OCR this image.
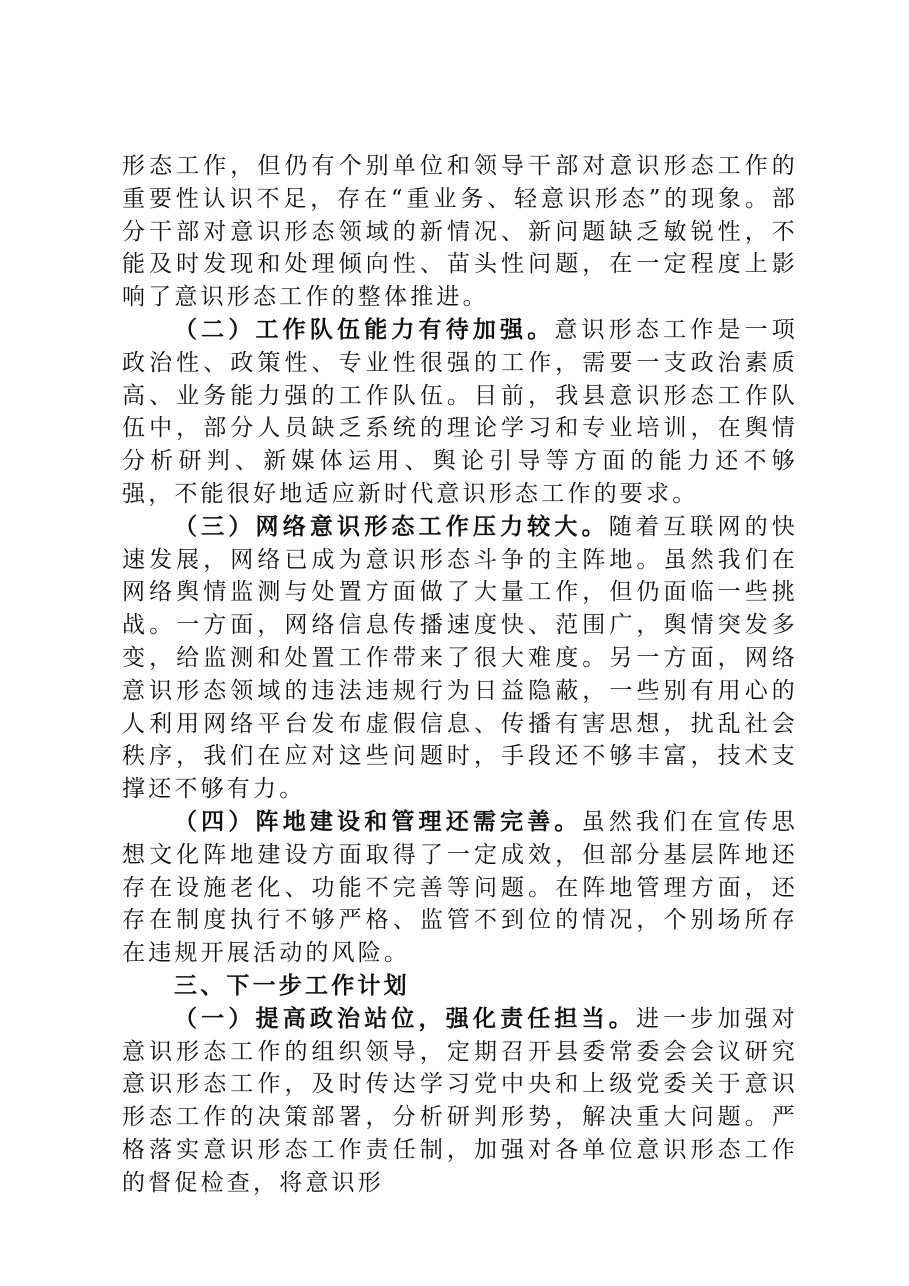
形态工作，但仍有个别单位和领导干部对意识形态工作的重要性认识不足，存在“重业务、轻意识形态”的现象。部分干部对意识形态领域的新情况、新问题缺乏敏锐性，不能及时发现和处理倾向性、苗头性问题，在一定程度上影响了意识形态工作的整体推进。

（二）工作队伍能力有待加强。意识形态工作是一项政治性、政策性、专业性很强的工作，需要一支政治素质高、业务能力强的工作队伍。目前，我县意识形态工作队伍中，部分人员缺乏系统的理论学习和专业培训，在舆情分析研判、新媒体运用、舆论引导等方面的能力还不够强，不能很好地适应新时代意识形态工作的要求。

（三）网络意识形态工作压力较大。随着互联网的快速发展，网络已成为意识形态斗争的主阵地。虽然我们在网络舆情监测与处置方面做了大量工作，但仍面临一些挑战。一方面，网络信息传播速度快、范围广，舆情突发多变，给监测和处置工作带来了很大难度。另一方面，网络意识形态领域的违法违规行为日益隐蔽，一些别有用心的人利用网络平台发布虚假信息、传播有害思想，扰乱社会秩序，我们在应对这些问题时，手段还不够丰富，技术支撑还不够有力。

（四）阵地建设和管理还需完善。虽然我们在宣传思想文化阵地建设方面取得了一定成效，但部分基层阵地还存在设施老化、功能不完善等问题。在阵地管理方面，还存在制度执行不够严格、监管不到位的情况，个别场所存在违规开展活动的风险。

三、下一步工作计划

（一）提高政治站位，强化责任担当。进一步加强对意识形态工作的组织领导，定期召开县委常委会会议研究意识形态工作，及时传达学习党中央和上级党委关于意识形态工作的决策部署，分析研判形势，解决重大问题。严格落实意识形态工作责任制，加强对各单位意识形态工作的督促检查，将意识形
